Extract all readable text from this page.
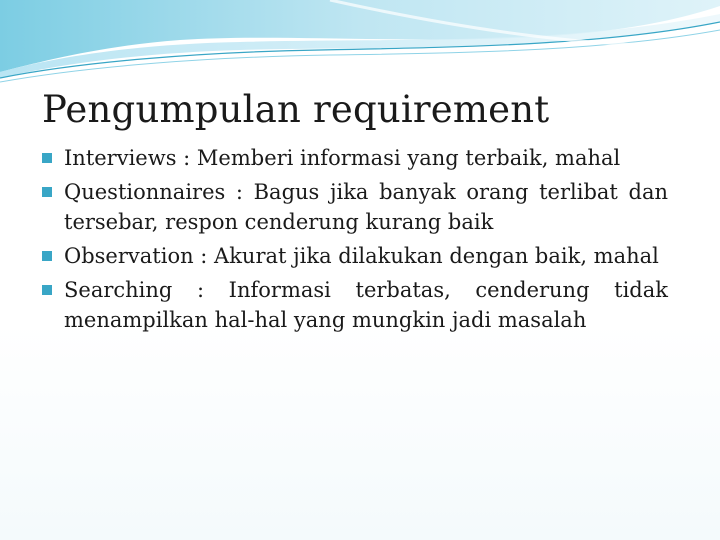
Pengumpulan requirement
Interviews : Memberi informasi yang terbaik, mahal
Questionnaires : Bagus jika banyak orang terlibat dan tersebar, respon cenderung kurang baik
Observation : Akurat jika dilakukan dengan baik, mahal
Searching : Informasi terbatas, cenderung tidak menampilkan hal-hal yang mungkin jadi masalah
